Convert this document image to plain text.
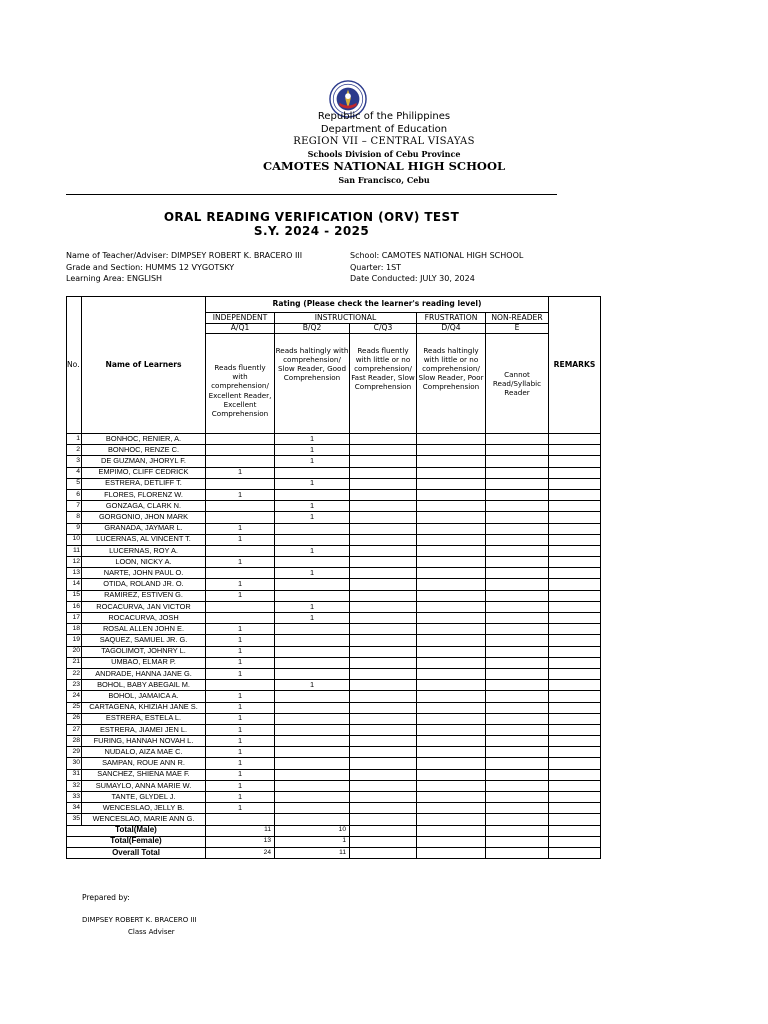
Republic of the Philippines
Department of Education
REGION VII – CENTRAL VISAYAS
Schools Division of Cebu Province
CAMOTES NATIONAL HIGH SCHOOL
San Francisco, Cebu
ORAL READING VERIFICATION (ORV) TEST
S.Y. 2024 - 2025
Name of Teacher/Adviser: DIMPSEY ROBERT K. BRACERO III
Grade and Section: HUMMS 12 VYGOTSKY
Learning Area: ENGLISH
School: CAMOTES NATIONAL HIGH SCHOOL
Quarter: 1ST
Date Conducted: JULY 30, 2024
No.	Name of Learners	Rating (Please check the learner's reading level)					REMARKS
		INDEPENDENT	INSTRUCTIONAL		FRUSTRATION	NON-READER	
		A/Q1	B/Q2	C/Q3	D/Q4	E	
		Reads fluently with comprehension/ Excellent Reader, Excellent Comprehension	Reads haltingly with comprehension/ Slow Reader, Good Comprehension	Reads fluently with little or no comprehension/ Fast Reader, Slow Comprehension	Reads haltingly with little or no comprehension/ Slow Reader, Poor Comprehension	Cannot Read/Syllabic Reader	
1	BONHOC, RENIER, A.		1				
2	BONHOC, RENZE C.		1				
3	DE GUZMAN, JHORYL F.		1				
4	EMPIMO, CLIFF CEDRICK	1					
5	ESTRERA, DETLIFF T.		1				
6	FLORES, FLORENZ W.	1					
7	GONZAGA, CLARK N.		1				
8	GORGONIO, JHON MARK		1				
9	GRANADA, JAYMAR L.	1					
10	LUCERNAS, AL VINCENT T.	1					
11	LUCERNAS, ROY A.		1				
12	LOON, NICKY A.	1					
13	NARTE, JOHN PAUL O.		1				
14	OTIDA, ROLAND JR. O.	1					
15	RAMIREZ, ESTIVEN G.	1					
16	ROCACURVA, JAN VICTOR		1				
17	ROCACURVA, JOSH		1				
18	ROSAL ALLEN JOHN E.	1					
19	SAQUEZ, SAMUEL JR. G.	1					
20	TAGOLIMOT, JOHNRY L.	1					
21	UMBAO, ELMAR P.	1					
22	ANDRADE, HANNA JANE G.	1					
23	BOHOL, BABY ABEGAIL M.		1				
24	BOHOL, JAMAICA A.	1					
25	CARTAGENA, KHIZIAH JANE S.	1					
26	ESTRERA, ESTELA L.	1					
27	ESTRERA, JIAMEI JEN L.	1					
28	FURING, HANNAH NOVAH L.	1					
29	NUDALO, AIZA MAE C.	1					
30	SAMPAN, ROUE ANN R.	1					
31	SANCHEZ, SHIENA MAE F.	1					
32	SUMAYLO, ANNA MARIE W.	1					
33	TANTE, GLYDEL J.	1					
34	WENCESLAO, JELLY B.	1					
35	WENCESLAO, MARIE ANN G.						
Total(Male)		11	10				
Total(Female)		13	1				
Overall Total		24	11				
Prepared by:
DIMPSEY ROBERT K. BRACERO III
Class Adviser
